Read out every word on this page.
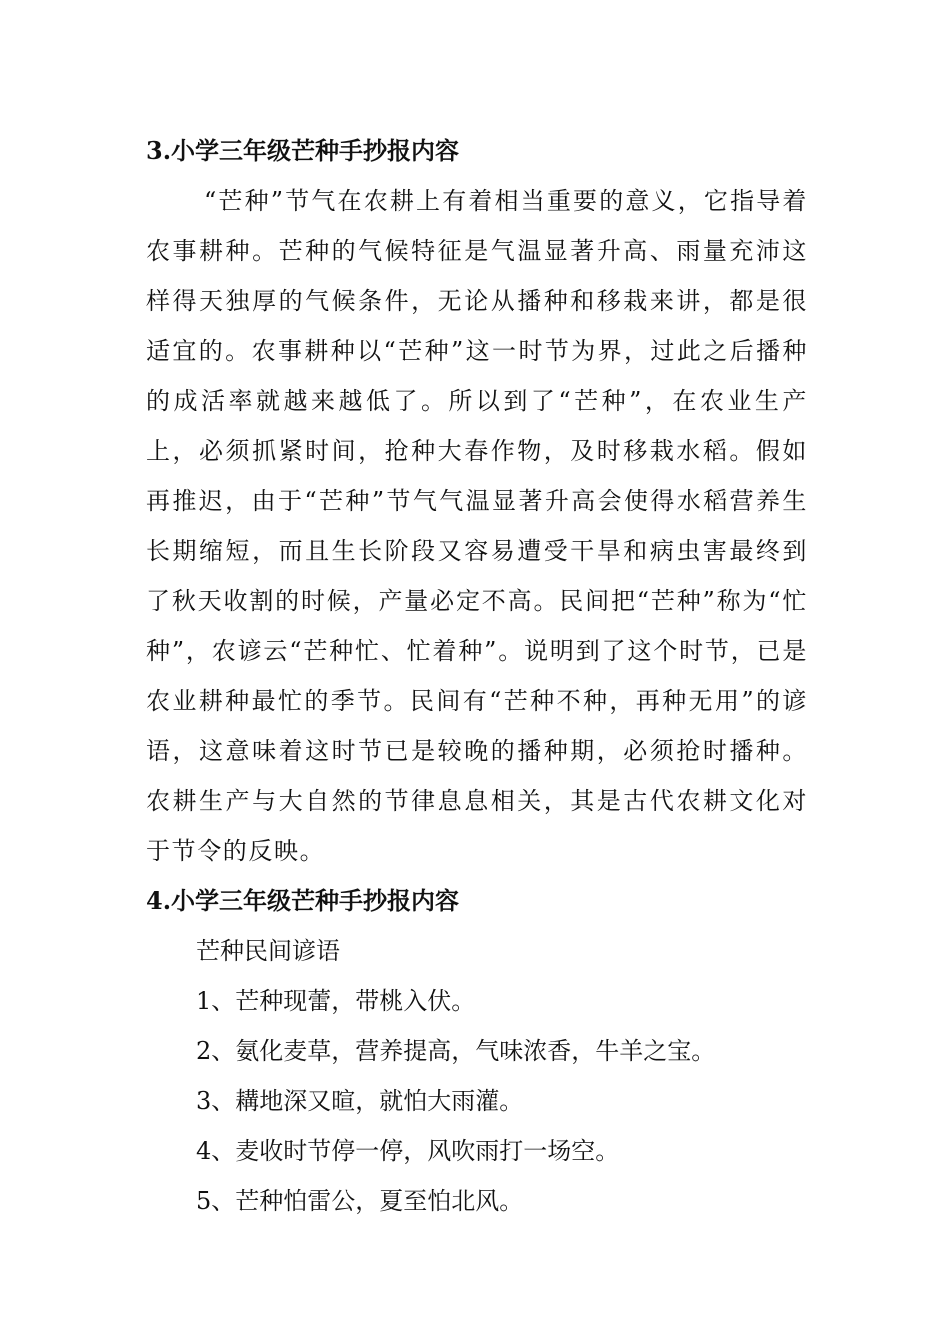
3.小学三年级芒种手抄报内容

“芒种”节气在农耕上有着相当重要的意义，它指导着农事耕种。芒种的气候特征是气温显著升高、雨量充沛这样得天独厚的气候条件，无论从播种和移栽来讲，都是很适宜的。农事耕种以“芒种”这一时节为界，过此之后播种的成活率就越来越低了。所以到了“芒种”，在农业生产上，必须抓紧时间，抢种大春作物，及时移栽水稻。假如再推迟，由于“芒种”节气气温显著升高会使得水稻营养生长期缩短，而且生长阶段又容易遭受干旱和病虫害最终到了秋天收割的时候，产量必定不高。民间把“芒种”称为“忙种”，农谚云“芒种忙、忙着种”。说明到了这个时节，已是农业耕种最忙的季节。民间有“芒种不种，再种无用”的谚语，这意味着这时节已是较晚的播种期，必须抢时播种。农耕生产与大自然的节律息息相关，其是古代农耕文化对于节令的反映。

4.小学三年级芒种手抄报内容
芒种民间谚语
1、芒种现蕾，带桃入伏。
2、氨化麦草，营养提高，气味浓香，牛羊之宝。
3、耩地深又暄，就怕大雨灌。
4、麦收时节停一停，风吹雨打一场空。
5、芒种怕雷公，夏至怕北风。
